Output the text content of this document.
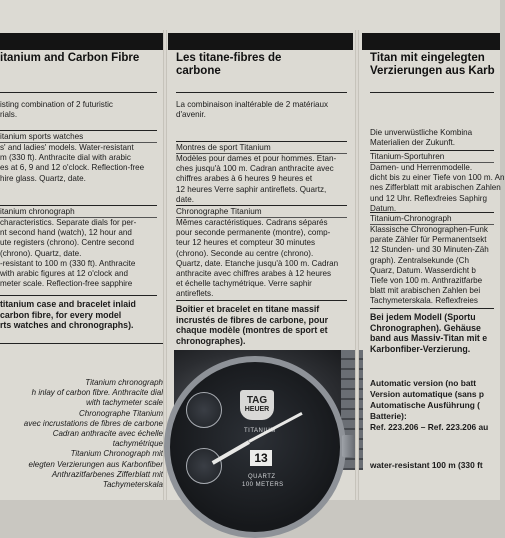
itanium and Carbon Fibre
isting combination of 2 futuristic
rials.
itanium sports watches
s' and ladies' models. Water-resistant
m (330 ft). Anthracite dial with arabic
es at 6, 9 and 12 o'clock. Reflection-free
hire glass. Quartz, date.
itanium chronograph
characteristics. Separate dials for per-
nt second hand (watch), 12 hour and
ute registers (chrono). Centre second
(chrono). Quartz, date.
-resistant to 100 m (330 ft). Anthracite
with arabic figures at 12 o'clock and
meter scale. Reflection-free sapphire
titanium case and bracelet inlaid
carbon fibre, for every model
rts watches and chronographs).
Titanium chronograph
h inlay of carbon fibre. Anthracite dial
with tachymeter scale
Chronographe Titanium
avec incrustations de fibres de carbone
Cadran anthracite avec échelle
tachymétrique
Titanium Chronograph mit
elegten Verzierungen aus Karbonfiber
Anthrazitfarbenes Zifferblatt mit
Tachymeterskala
Les titane-fibres de
carbone
La combinaison inaltérable de 2 matériaux
d'avenir.
Montres de sport Titanium
Modèles pour dames et pour hommes. Etan-
ches jusqu'à 100 m. Cadran anthracite avec
chiffres arabes à 6 heures 9 heures et
12 heures Verre saphir antireflets. Quartz,
date.
Chronographe Titanium
Mêmes caractéristiques. Cadrans séparés
pour seconde permanente (montre), comp-
teur 12 heures et compteur 30 minutes
(chrono). Seconde au centre (chrono).
Quartz, date. Etanche jusqu'à 100 m. Cadran
anthracite avec chiffres arabes à 12 heures
et échelle tachymétrique. Verre saphir
antireflets.
Boîtier et bracelet en titane massif
incrustés de fibres de carbone, pour
chaque modèle (montres de sport et
chronographes).
TAG
HEUER
TITANIUM
QUARTZ
100 METERS
13
Titan mit eingelegten
Verzierungen aus Karb
Die unverwüstliche Kombina
Materialien der Zukunft.
Titanium-Sportuhren
Damen- und Herrenmodelle.
dicht bis zu einer Tiefe von 100 m. An
nes Zifferblatt mit arabischen Zahlen
und 12 Uhr. Reflexfreies Saphirg
Datum.
Titanium-Chronograph
Klassische Chronographen-Funk
parate Zähler für Permanentsekt
12 Stunden- und 30 Minuten-Zäh
graph). Zentralsekunde (Ch
Quarz, Datum. Wasserdicht b
Tiefe von 100 m. Anthrazitfarbe
blatt mit arabischen Zahlen bei
Tachymeterskala. Reflexfreies
Bei jedem Modell (Sportu
Chronographen). Gehäuse
band aus Massiv-Titan mit e
Karbonfiber-Verzierung.
Automatic version (no batt
Version automatique (sans p
Automatische Ausführung (
Batterie):
Ref. 223.206 – Ref. 223.206 au
water-resistant 100 m (330 ft
